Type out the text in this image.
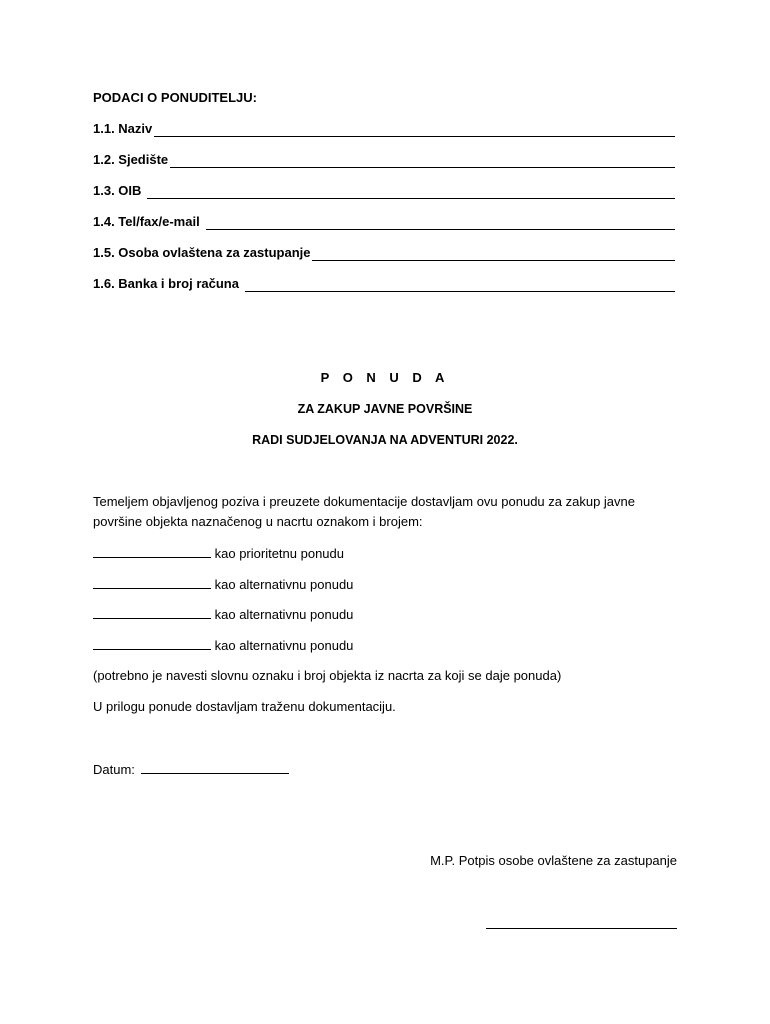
PODACI O PONUDITELJU:
1.1. Naziv
1.2. Sjedište
1.3. OIB
1.4. Tel/fax/e-mail
1.5. Osoba ovlaštena za zastupanje
1.6. Banka i broj računa
P O N U D A
ZA ZAKUP JAVNE POVRŠINE
RADI SUDJELOVANJA NA ADVENTURI 2022.
Temeljem objavljenog poziva i preuzete dokumentacije dostavljam ovu ponudu za zakup javne
površine objekta naznačenog u nacrtu oznakom i brojem:
kao prioritetnu ponudu
kao alternativnu ponudu
kao alternativnu ponudu
kao alternativnu ponudu
(potrebno je navesti slovnu oznaku i broj objekta iz nacrta za koji se daje ponuda)
U prilogu ponude dostavljam traženu dokumentaciju.
Datum:
M.P. Potpis osobe ovlaštene za zastupanje
